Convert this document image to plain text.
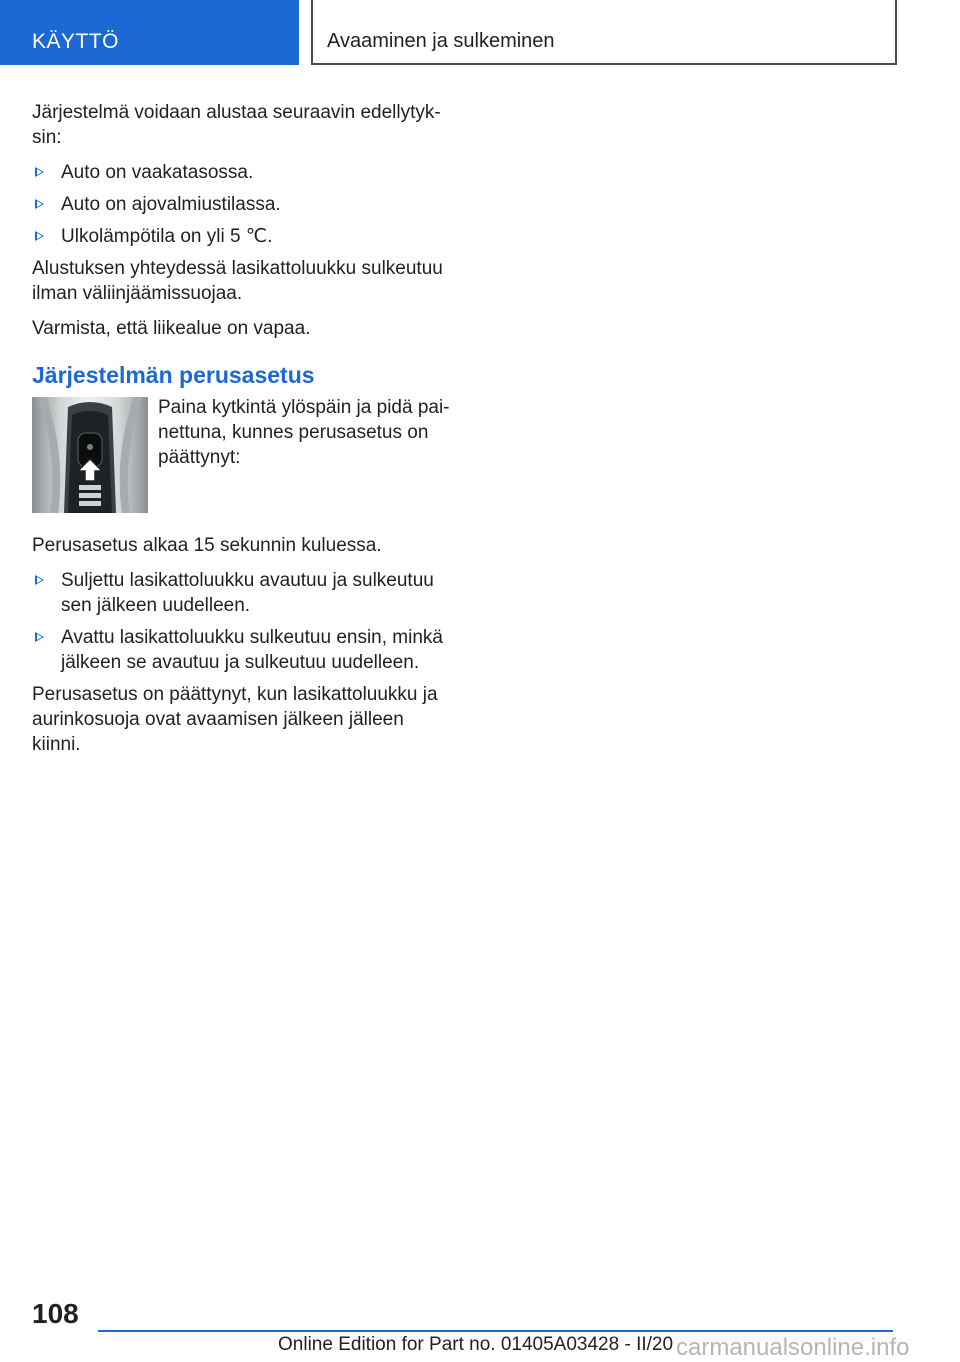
KÄYTTÖ	Avaaminen ja sulkeminen

Järjestelmä voidaan alustaa seuraavin edellytyk-sin:

Auto on vaakatasossa.
Auto on ajovalmiustilassa.
Ulkolämpötila on yli 5 ℃.

Alustuksen yhteydessä lasikattoluukku sulkeutuu ilman väliinjäämissuojaa.

Varmista, että liikealue on vapaa.

Järjestelmän perusasetus
Paina kytkintä ylöspäin ja pidä pai-nettuna, kunnes perusasetus on päättynyt:

Perusasetus alkaa 15 sekunnin kuluessa.

Suljettu lasikattoluukku avautuu ja sulkeutuu sen jälkeen uudelleen.
Avattu lasikattoluukku sulkeutuu ensin, minkä jälkeen se avautuu ja sulkeutuu uudelleen.

Perusasetus on päättynyt, kun lasikattoluukku ja aurinkosuoja ovat avaamisen jälkeen jälleen kiinni.

108
Online Edition for Part no. 01405A03428 - II/20 carmanualsonline.info
